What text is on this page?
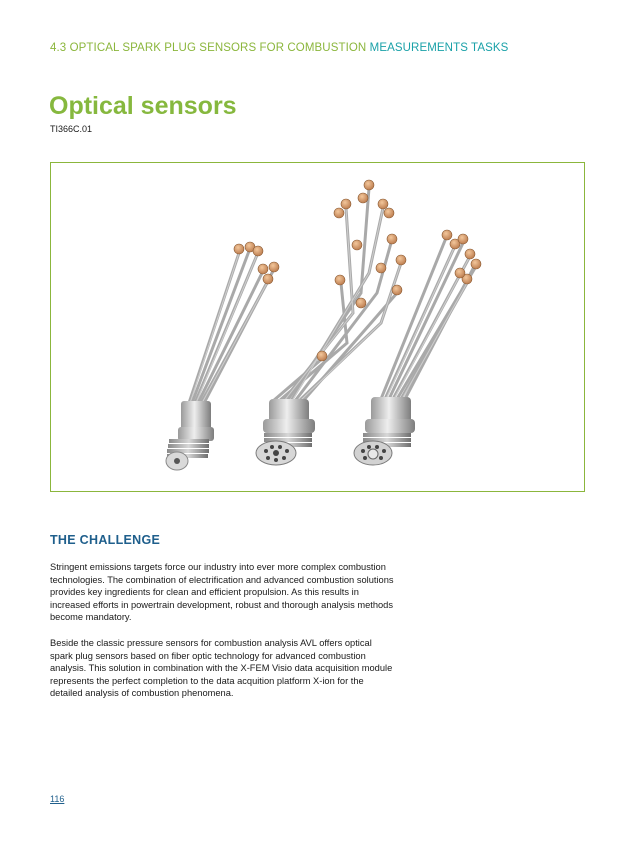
4.3 OPTICAL SPARK PLUG SENSORS FOR COMBUSTION MEASUREMENTS TASKS
Optical sensors
TI366C.01
THE CHALLENGE

Stringent emissions targets force our industry into ever more complex combustion technologies. The combination of electrification and advanced combustion solutions provides key ingredients for clean and efficient propulsion. As this results in increased efforts in powertrain development, robust and thorough analysis methods become mandatory.

Beside the classic pressure sensors for combustion analysis AVL offers optical spark plug sensors based on fiber optic technology for advanced combustion analysis. This solution in combination with the X-FEM Visio data acquisition module represents the perfect completion to the data acquition platform X-ion for the detailed analysis of combustion phenomena.

116
